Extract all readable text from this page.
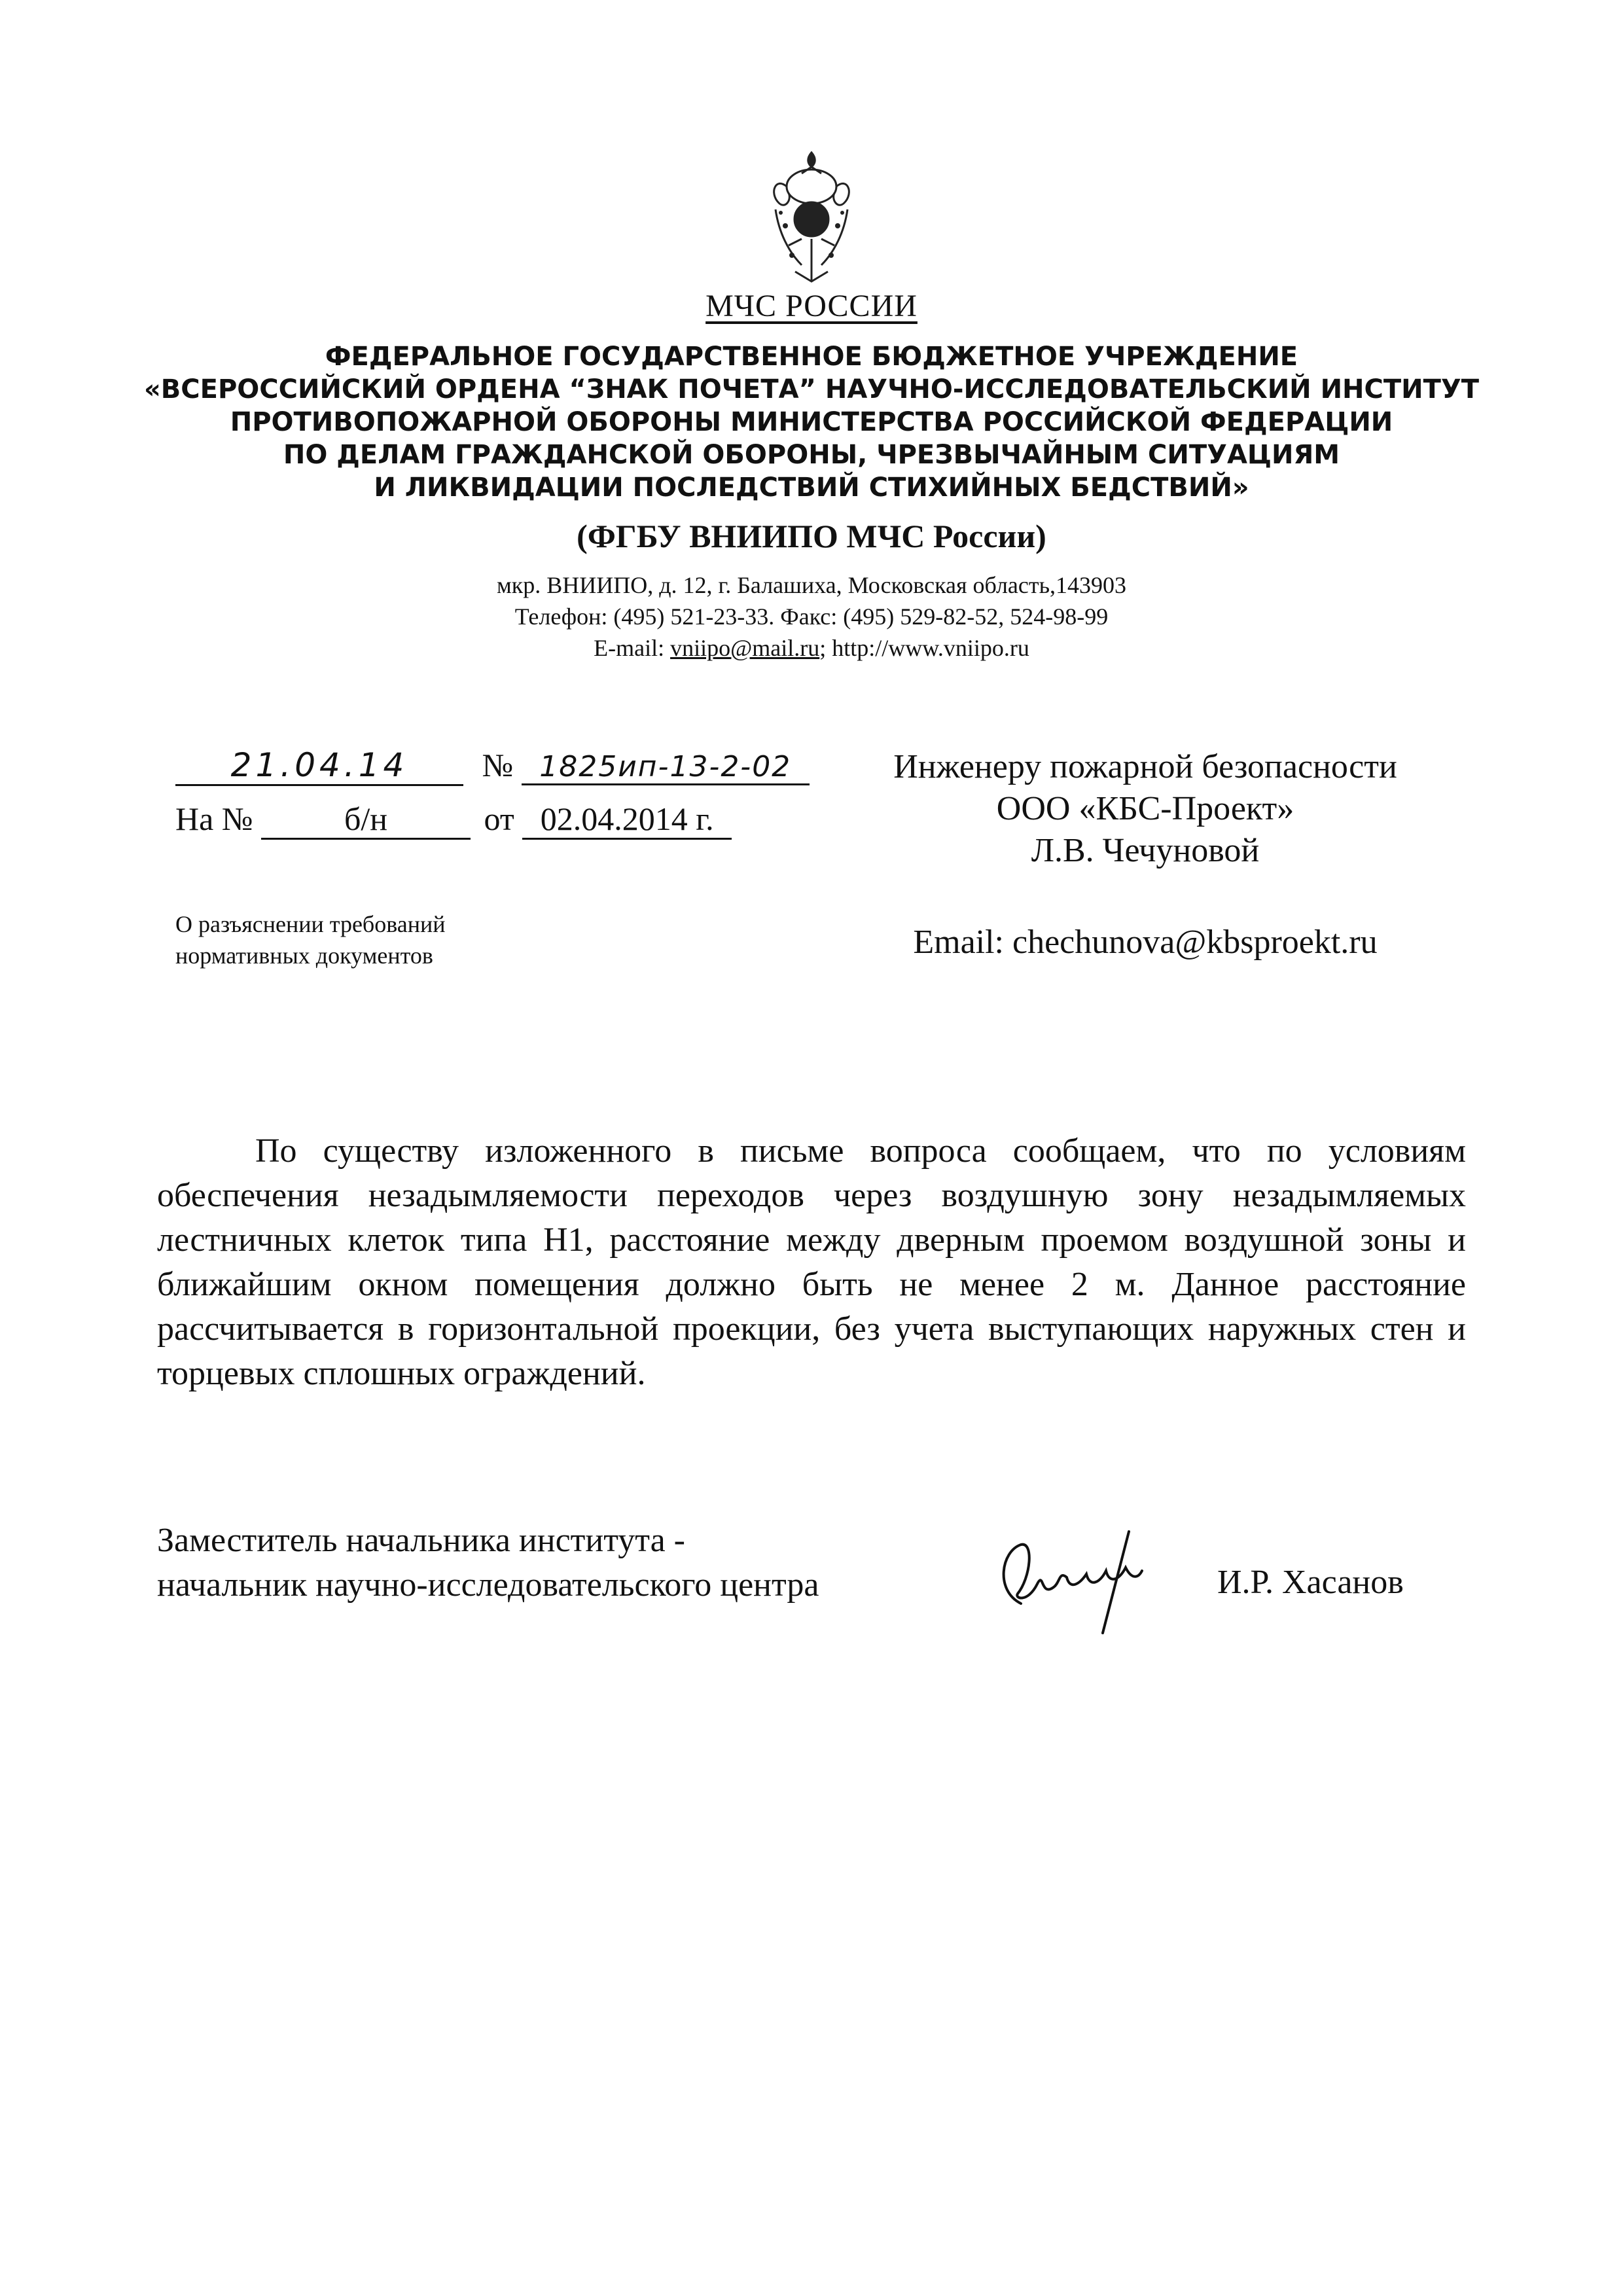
МЧС РОССИИ
ФЕДЕРАЛЬНОЕ ГОСУДАРСТВЕННОЕ БЮДЖЕТНОЕ УЧРЕЖДЕНИЕ
«ВСЕРОССИЙСКИЙ ОРДЕНА “ЗНАК ПОЧЕТА” НАУЧНО-ИССЛЕДОВАТЕЛЬСКИЙ ИНСТИТУТ
ПРОТИВОПОЖАРНОЙ ОБОРОНЫ МИНИСТЕРСТВА РОССИЙСКОЙ ФЕДЕРАЦИИ
ПО ДЕЛАМ ГРАЖДАНСКОЙ ОБОРОНЫ, ЧРЕЗВЫЧАЙНЫМ СИТУАЦИЯМ
И ЛИКВИДАЦИИ ПОСЛЕДСТВИЙ СТИХИЙНЫХ БЕДСТВИЙ»
(ФГБУ ВНИИПО МЧС России)
мкр. ВНИИПО, д. 12, г. Балашиха, Московская область,143903
Телефон: (495) 521-23-33. Факс: (495) 529-82-52, 524-98-99
E-mail: vniipo@mail.ru; http://www.vniipo.ru
21.04.14 № 1825ип-13-2-02
На №	б/н	от 02.04.2014 г.
О разъяснении требований
нормативных документов
Инженеру пожарной безопасности
ООО «КБС-Проект»
Л.В. Чечуновой
Email: chechunova@kbsproekt.ru
По существу изложенного в письме вопроса сообщаем, что по условиям обеспечения незадымляемости переходов через воздушную зону незадымляемых лестничных клеток типа Н1, расстояние между дверным проемом воздушной зоны и ближайшим окном помещения должно быть не менее 2 м. Данное расстояние рассчитывается в горизонтальной проекции, без учета выступающих наружных стен и торцевых сплошных ограждений.
Заместитель начальника института -
начальник научно-исследовательского центра	И.Р. Хасанов
